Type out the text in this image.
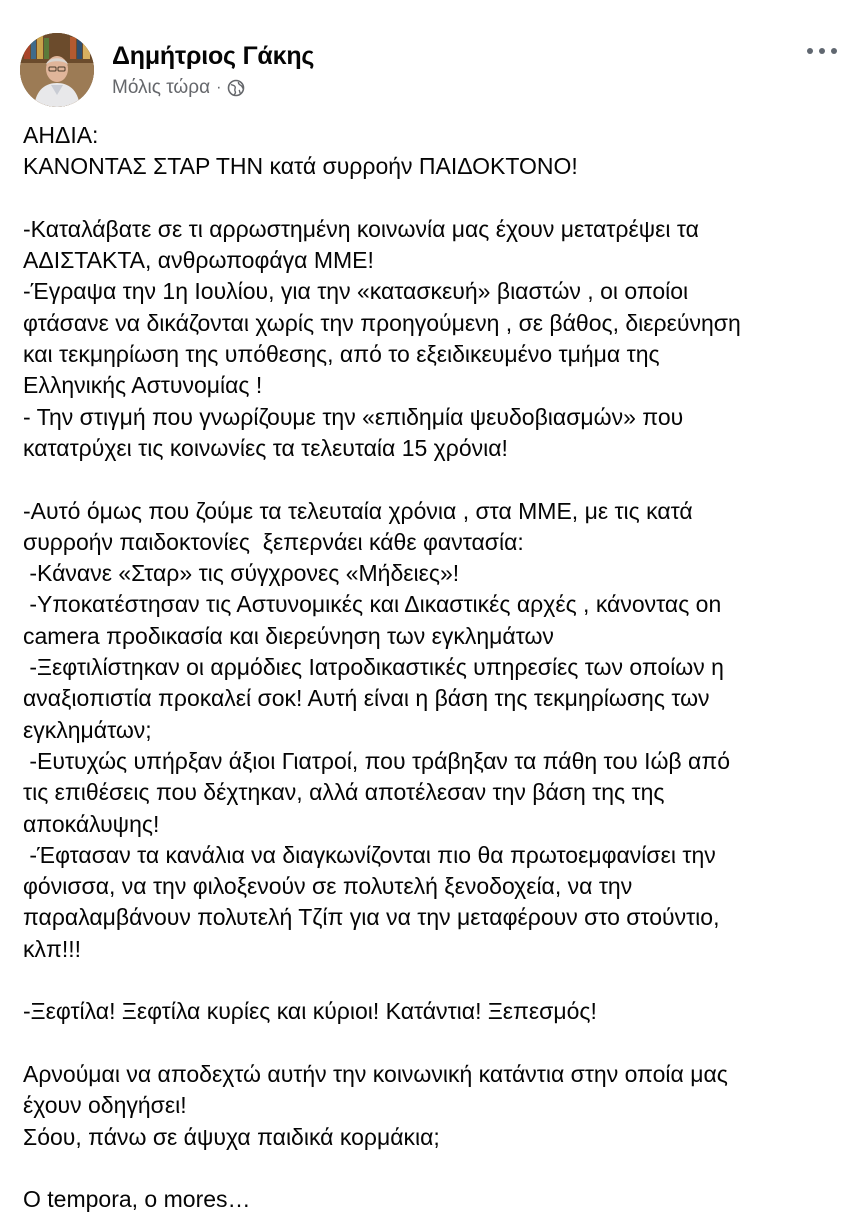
Δημήτριος Γάκης
Μόλις τώρα ·
ΑΗΔΙΑ:
ΚΑΝΟΝΤΑΣ ΣΤΑΡ ΤΗΝ κατά συρροήν ΠΑΙΔΟΚΤΟΝΟ!
-Καταλάβατε σε τι αρρωστημένη κοινωνία μας έχουν μετατρέψει τα
ΑΔΙΣΤΑΚΤΑ, ανθρωποφάγα ΜΜΕ!
-Έγραψα την 1η Ιουλίου, για την «κατασκευή» βιαστών , οι οποίοι
φτάσανε να δικάζονται χωρίς την προηγούμενη , σε βάθος, διερεύνηση
και τεκμηρίωση της υπόθεσης, από το εξειδικευμένο τμήμα της
Ελληνικής Αστυνομίας !
- Την στιγμή που γνωρίζουμε την «επιδημία ψευδοβιασμών» που
κατατρύχει τις κοινωνίες τα τελευταία 15 χρόνια!
-Αυτό όμως που ζούμε τα τελευταία χρόνια , στα ΜΜΕ, με τις κατά
συρροήν παιδοκτονίες  ξεπερνάει κάθε φαντασία:
-Κάνανε «Σταρ» τις σύγχρονες «Μήδειες»!
-Υποκατέστησαν τις Αστυνομικές και Δικαστικές αρχές , κάνοντας on
camera προδικασία και διερεύνηση των εγκλημάτων
-Ξεφτιλίστηκαν οι αρμόδιες Ιατροδικαστικές υπηρεσίες των οποίων η
αναξιοπιστία προκαλεί σοκ! Αυτή είναι η βάση της τεκμηρίωσης των
εγκλημάτων;
-Ευτυχώς υπήρξαν άξιοι Γιατροί, που τράβηξαν τα πάθη του Ιώβ από
τις επιθέσεις που δέχτηκαν, αλλά αποτέλεσαν την βάση της της
αποκάλυψης!
-Έφτασαν τα κανάλια να διαγκωνίζονται πιο θα πρωτοεμφανίσει την
φόνισσα, να την φιλοξενούν σε πολυτελή ξενοδοχεία, να την
παραλαμβάνουν πολυτελή Τζίπ για να την μεταφέρουν στο στούντιο,
κλπ!!!
-Ξεφτίλα! Ξεφτίλα κυρίες και κύριοι! Κατάντια! Ξεπεσμός!
Αρνούμαι να αποδεχτώ αυτήν την κοινωνική κατάντια στην οποία μας
έχουν οδηγήσει!
Σόου, πάνω σε άψυχα παιδικά κορμάκια;
O tempora, o mores…
